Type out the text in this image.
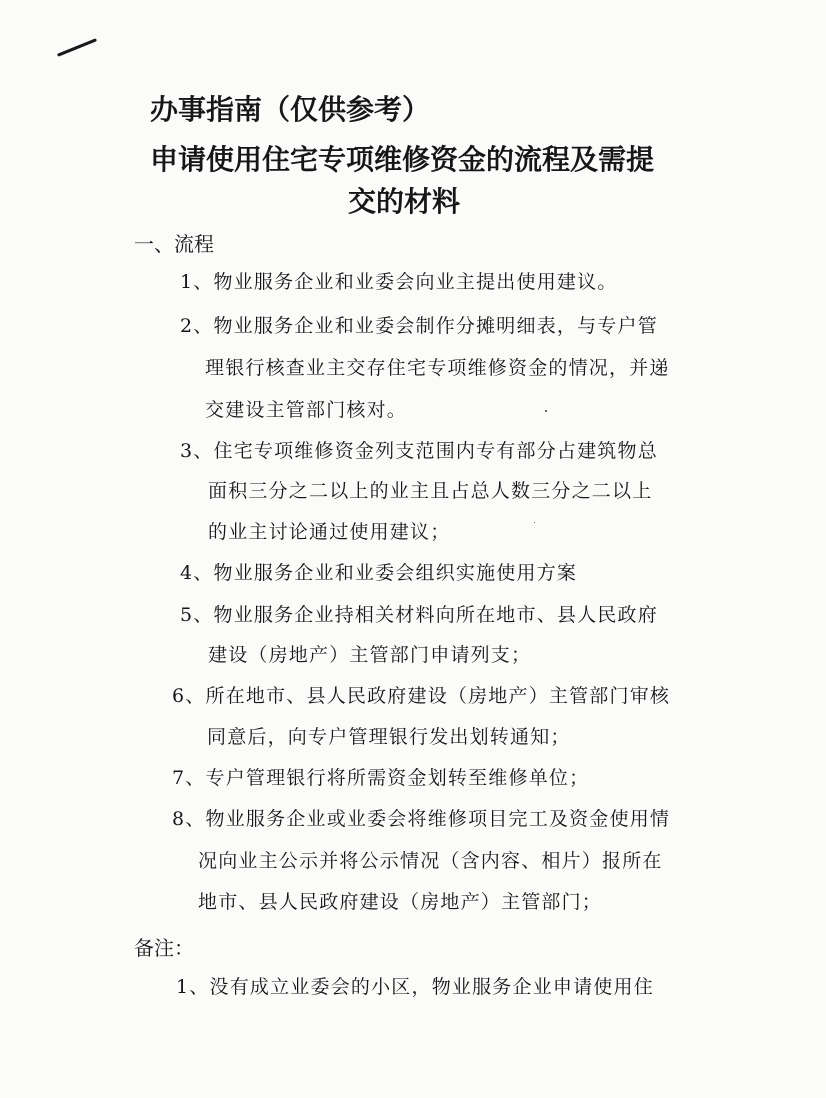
办事指南（仅供参考）
申请使用住宅专项维修资金的流程及需提
交的材料
一、流程
1、物业服务企业和业委会向业主提出使用建议。
2、物业服务企业和业委会制作分摊明细表，与专户管
理银行核查业主交存住宅专项维修资金的情况，并递
交建设主管部门核对。
3、住宅专项维修资金列支范围内专有部分占建筑物总
面积三分之二以上的业主且占总人数三分之二以上
的业主讨论通过使用建议；
4、物业服务企业和业委会组织实施使用方案
5、物业服务企业持相关材料向所在地市、县人民政府
建设（房地产）主管部门申请列支；
6、所在地市、县人民政府建设（房地产）主管部门审核
同意后，向专户管理银行发出划转通知；
7、专户管理银行将所需资金划转至维修单位；
8、物业服务企业或业委会将维修项目完工及资金使用情
况向业主公示并将公示情况（含内容、相片）报所在
地市、县人民政府建设（房地产）主管部门；
备注：
1、没有成立业委会的小区，物业服务企业申请使用住
